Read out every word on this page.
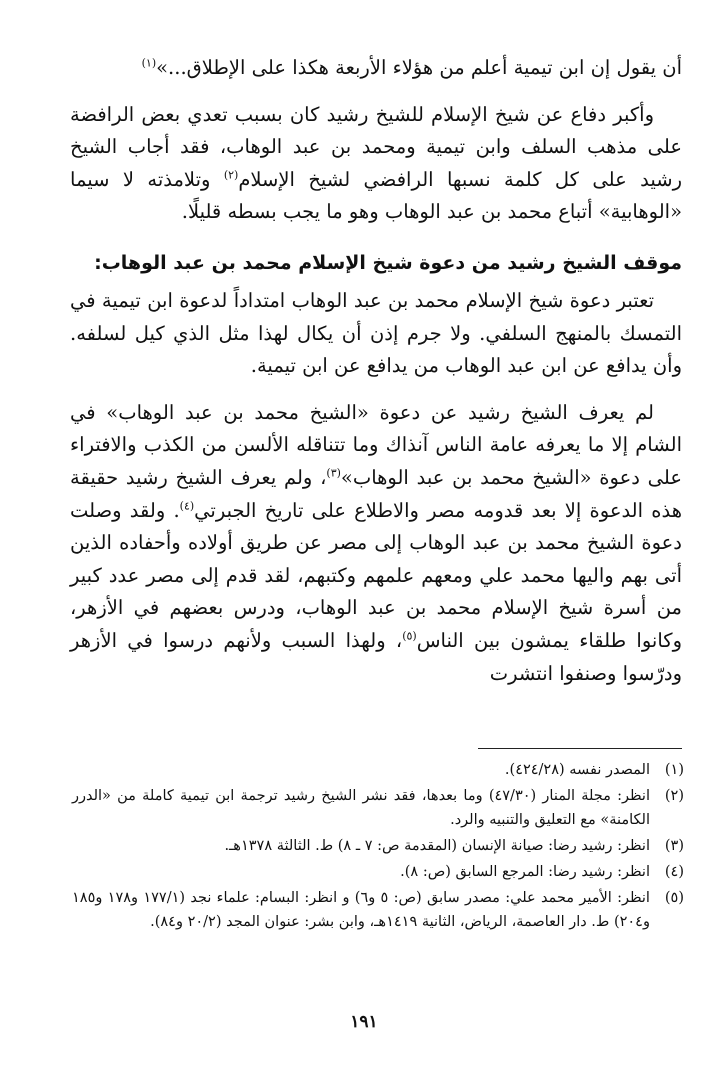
أن يقول إن ابن تيمية أعلم من هؤلاء الأربعة هكذا على الإطلاق...»$^{(١)}$

وأكبر دفاع عن شيخ الإسلام للشيخ رشيد كان بسبب تعدي بعض الرافضة على مذهب السلف وابن تيمية ومحمد بن عبد الوهاب، فقد أجاب الشيخ رشيد على كل كلمة نسبها الرافضي لشيخ الإسلام$^{(٢)}$ وتلامذته لا سيما «الوهابية» أتباع محمد بن عبد الوهاب وهو ما يجب بسطه قليلًا.

موقف الشيخ رشيد من دعوة شيخ الإسلام محمد بن عبد الوهاب:

تعتبر دعوة شيخ الإسلام محمد بن عبد الوهاب امتداداً لدعوة ابن تيمية في التمسك بالمنهج السلفي. ولا جرم إذن أن يكال لهذا مثل الذي كيل لسلفه. وأن يدافع عن ابن عبد الوهاب من يدافع عن ابن تيمية.

لم يعرف الشيخ رشيد عن دعوة «الشيخ محمد بن عبد الوهاب» في الشام إلا ما يعرفه عامة الناس آنذاك وما تتناقله الألسن من الكذب والافتراء على دعوة «الشيخ محمد بن عبد الوهاب»$^{(٣)}$، ولم يعرف الشيخ رشيد حقيقة هذه الدعوة إلا بعد قدومه مصر والاطلاع على تاريخ الجبرتي$^{(٤)}$. ولقد وصلت دعوة الشيخ محمد بن عبد الوهاب إلى مصر عن طريق أولاده وأحفاده الذين أتى بهم واليها محمد علي ومعهم علمهم وكتبهم، لقد قدم إلى مصر عدد كبير من أسرة شيخ الإسلام محمد بن عبد الوهاب، ودرس بعضهم في الأزهر، وكانوا طلقاء يمشون بين الناس$^{(٥)}$، ولهذا السبب ولأنهم درسوا في الأزهر ودرّسوا وصنفوا انتشرت

(١)
المصدر نفسه (٤٢٤/٢٨).
(٢)
انظر: مجلة المنار (٤٧/٣٠) وما بعدها، فقد نشر الشيخ رشيد ترجمة ابن تيمية كاملة من «الدرر الكامنة» مع التعليق والتنبيه والرد.
(٣)
انظر: رشيد رضا: صيانة الإنسان (المقدمة ص: ٧ ـ ٨) ط. الثالثة ١٣٧٨هـ.
(٤)
انظر: رشيد رضا: المرجع السابق (ص: ٨).
(٥)
انظر: الأمير محمد علي: مصدر سابق (ص: ٥ و٦) و انظر: البسام: علماء نجد (١٧٧/١ و١٧٨ و١٨٥ و٢٠٤) ط. دار العاصمة، الرياض، الثانية ١٤١٩هـ، وابن بشر: عنوان المجد (٢٠/٢ و٨٤).
١٩١
